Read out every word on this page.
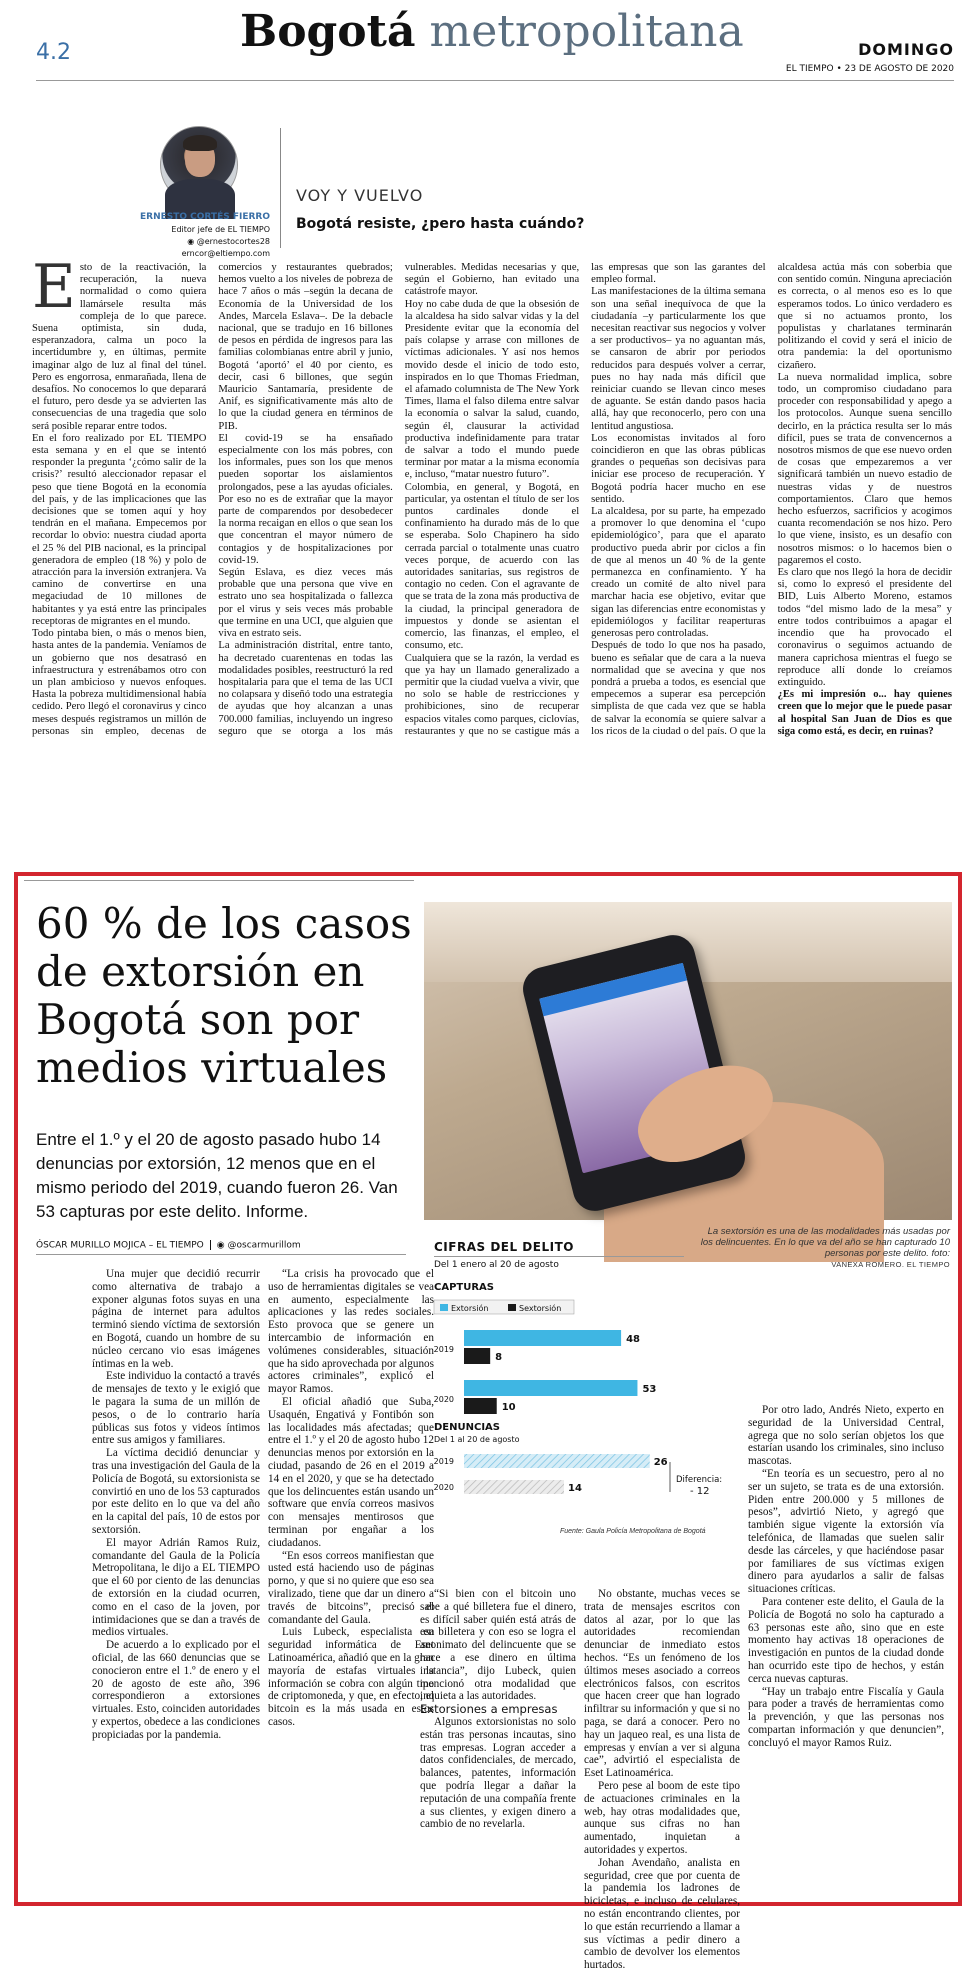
4.2	Bogotá metropolitana	DOMINGO
EL TIEMPO • 23 DE AGOSTO DE 2020
ERNESTO CORTÉS FIERRO
Editor jefe de EL TIEMPO
◉ @ernestocortes28
erncor@eltiempo.com
VOY Y VUELVO
Bogotá resiste, ¿pero hasta cuándo?

Esto de la reactivación, la recuperación, la nueva normalidad o como quiera llamársele resulta más compleja de lo que parece. Suena optimista, sin duda, esperanzadora, calma un poco la incertidumbre y, en últimas, permite imaginar algo de luz al final del túnel. Pero es engorrosa, enmarañada, llena de desafíos. No conocemos lo que deparará el futuro, pero desde ya se advierten las consecuencias de una tragedia que solo será posible reparar entre todos.

En el foro realizado por EL TIEMPO esta semana y en el que se intentó responder la pregunta ‘¿cómo salir de la crisis?’ resultó aleccionador repasar el peso que tiene Bogotá en la economía del país, y de las implicaciones que las decisiones que se tomen aquí y hoy tendrán en el mañana. Empecemos por recordar lo obvio: nuestra ciudad aporta el 25 % del PIB nacional, es la principal generadora de empleo (18 %) y polo de atracción para la inversión extranjera. Va camino de convertirse en una megaciudad de 10 millones de habitantes y ya está entre las principales receptoras de migrantes en el mundo.

Todo pintaba bien, o más o menos bien, hasta antes de la pandemia. Veníamos de un gobierno que nos desatrasó en infraestructura y estrenábamos otro con un plan ambicioso y nuevos enfoques. Hasta la pobreza multidimensional había cedido. Pero llegó el coronavirus y cinco meses después registramos un millón de personas sin empleo, decenas de comercios y restaurantes quebrados; hemos vuelto a los niveles de pobreza de hace 7 años o más –según la decana de Economía de la Universidad de los Andes, Marcela Eslava–. De la debacle nacional, que se tradujo en 16 billones de pesos en pérdida de ingresos para las familias colombianas entre abril y junio, Bogotá ‘aportó’ el 40 por ciento, es decir, casi 6 billones, que según Mauricio Santamaría, presidente de Anif, es significativamente más alto de lo que la ciudad genera en términos de PIB.

El covid-19 se ha ensañado especialmente con los más pobres, con los informales, pues son los que menos pueden soportar los aislamientos prolongados, pese a las ayudas oficiales. Por eso no es de extrañar que la mayor parte de comparendos por desobedecer la norma recaigan en ellos o que sean los que concentran el mayor número de contagios y de hospitalizaciones por covid-19.

Según Eslava, es diez veces más probable que una persona que vive en estrato uno sea hospitalizada o fallezca por el virus y seis veces más probable que termine en una UCI, que alguien que viva en estrato seis.

La administración distrital, entre tanto, ha decretado cuarentenas en todas las modalidades posibles, reestructuró la red hospitalaria para que el tema de las UCI no colapsara y diseñó todo una estrategia de ayudas que hoy alcanzan a unas 700.000 familias, incluyendo un ingreso seguro que se otorga a los más vulnerables. Medidas necesarias y que, según el Gobierno, han evitado una catástrofe mayor.

Hoy no cabe duda de que la obsesión de la alcaldesa ha sido salvar vidas y la del Presidente evitar que la economía del país colapse y arrase con millones de víctimas adicionales. Y así nos hemos movido desde el inicio de todo esto, inspirados en lo que Thomas Friedman, el afamado columnista de The New York Times, llama el falso dilema entre salvar la economía o salvar la salud, cuando, según él, clausurar la actividad productiva indefinidamente para tratar de salvar a todo el mundo puede terminar por matar a la misma economía e, incluso, “matar nuestro futuro”.

Colombia, en general, y Bogotá, en particular, ya ostentan el título de ser los puntos cardinales donde el confinamiento ha durado más de lo que se esperaba. Solo Chapinero ha sido cerrada parcial o totalmente unas cuatro veces porque, de acuerdo con las autoridades sanitarias, sus registros de contagio no ceden. Con el agravante de que se trata de la zona más productiva de la ciudad, la principal generadora de impuestos y donde se asientan el comercio, las finanzas, el empleo, el consumo, etc.

Cualquiera que se la razón, la verdad es que ya hay un llamado generalizado a permitir que la ciudad vuelva a vivir, que no solo se hable de restricciones y prohibiciones, sino de recuperar espacios vitales como parques, ciclovías, restaurantes y que no se castigue más a las empresas que son las garantes del empleo formal.

Las manifestaciones de la última semana son una señal inequívoca de que la ciudadanía –y particularmente los que necesitan reactivar sus negocios y volver a ser productivos– ya no aguantan más, se cansaron de abrir por periodos reducidos para después volver a cerrar, pues no hay nada más difícil que reiniciar cuando se llevan cinco meses de aguante. Se están dando pasos hacia allá, hay que reconocerlo, pero con una lentitud angustiosa.

Los economistas invitados al foro coincidieron en que las obras públicas grandes o pequeñas son decisivas para iniciar ese proceso de recuperación. Y Bogotá podría hacer mucho en ese sentido.

La alcaldesa, por su parte, ha empezado a promover lo que denomina el ‘cupo epidemiológico’, para que el aparato productivo pueda abrir por ciclos a fin de que al menos un 40 % de la gente permanezca en confinamiento. Y ha creado un comité de alto nivel para marchar hacia ese objetivo, evitar que sigan las diferencias entre economistas y epidemiólogos y facilitar reaperturas generosas pero controladas.

Después de todo lo que nos ha pasado, bueno es señalar que de cara a la nueva normalidad que se avecina y que nos pondrá a prueba a todos, es esencial que empecemos a superar esa percepción simplista de que cada vez que se habla de salvar la economía se quiere salvar a los ricos de la ciudad o del país. O que la alcaldesa actúa más con soberbia que con sentido común. Ninguna apreciación es correcta, o al menos eso es lo que esperamos todos. Lo único verdadero es que si no actuamos pronto, los populistas y charlatanes terminarán politizando el covid y será el inicio de otra pandemia: la del oportunismo cizañero.

La nueva normalidad implica, sobre todo, un compromiso ciudadano para proceder con responsabilidad y apego a los protocolos. Aunque suena sencillo decirlo, en la práctica resulta ser lo más difícil, pues se trata de convencernos a nosotros mismos de que ese nuevo orden de cosas que empezaremos a ver significará también un nuevo estadio de nuestras vidas y de nuestros comportamientos. Claro que hemos hecho esfuerzos, sacrificios y acogimos cuanta recomendación se nos hizo. Pero lo que viene, insisto, es un desafío con nosotros mismos: o lo hacemos bien o pagaremos el costo.

Es claro que nos llegó la hora de decidir si, como lo expresó el presidente del BID, Luis Alberto Moreno, estamos todos “del mismo lado de la mesa” y entre todos contribuimos a apagar el incendio que ha provocado el coronavirus o seguimos actuando de manera caprichosa mientras el fuego se reproduce allí donde lo creíamos extinguido.

¿Es mi impresión o... hay quienes creen que lo mejor que le puede pasar al hospital San Juan de Dios es que siga como está, es decir, en ruinas?

60 % de los casos de extorsión en Bogotá son por medios virtuales
Entre el 1.º y el 20 de agosto pasado hubo 14 denuncias por extorsión, 12 menos que en el mismo periodo del 2019, cuando fueron 26. Van 53 capturas por este delito. Informe.
ÓSCAR MURILLO MOJICA – EL TIEMPO ◉ @oscarmurillom
La sextorsión es una de las modalidades más usadas por los delincuentes. En lo que va del año se han capturado 10 personas por este delito. foto:
VANEXA ROMERO. EL TIEMPO
CIFRAS DEL DELITO
Del 1 enero al 20 de agosto
CAPTURAS
Extorsión	Sextorsión
2019
48
8
2020
53
10
DENUNCIAS
Del 1 al 20 de agosto
2019	26
2020	14
Diferencia:
- 12
Fuente: Gaula Policía Metropolitana de Bogotá

Una mujer que decidió recurrir como alternativa de trabajo a exponer algunas fotos suyas en una página de internet para adultos terminó siendo víctima de sextorsión en Bogotá, cuando un hombre de su núcleo cercano vio esas imágenes íntimas en la web.

Este individuo la contactó a través de mensajes de texto y le exigió que le pagara la suma de un millón de pesos, o de lo contrario haría públicas sus fotos y videos íntimos entre sus amigos y familiares.

La víctima decidió denunciar y tras una investigación del Gaula de la Policía de Bogotá, su extorsionista se convirtió en uno de los 53 capturados por este delito en lo que va del año en la capital del país, 10 de estos por sextorsión.

El mayor Adrián Ramos Ruiz, comandante del Gaula de la Policía Metropolitana, le dijo a EL TIEMPO que el 60 por ciento de las denuncias de extorsión en la ciudad ocurren, como en el caso de la joven, por intimidaciones que se dan a través de medios virtuales.

De acuerdo a lo explicado por el oficial, de las 660 denuncias que se conocieron entre el 1.º de enero y el 20 de agosto de este año, 396 correspondieron a extorsiones virtuales. Esto, coinciden autoridades y expertos, obedece a las condiciones propiciadas por la pandemia.

“La crisis ha provocado que el uso de herramientas digitales se vea en aumento, especialmente las aplicaciones y las redes sociales. Esto provoca que se genere un intercambio de información en volúmenes considerables, situación que ha sido aprovechada por algunos actores criminales”, explicó el mayor Ramos.

El oficial añadió que Suba, Usaquén, Engativá y Fontibón son las localidades más afectadas; que entre el 1.º y el 20 de agosto hubo 12 denuncias menos por extorsión en la ciudad, pasando de 26 en el 2019 a 14 en el 2020, y que se ha detectado que los delincuentes están usando un software que envía correos masivos con mensajes mentirosos que terminan por engañar a los ciudadanos.

“En esos correos manifiestan que usted está haciendo uso de páginas porno, y que si no quiere que eso sea viralizado, tiene que dar un dinero a través de bitcoins”, precisó el comandante del Gaula.

Luis Lubeck, especialista en seguridad informática de Eset Latinoamérica, añadió que en la gran mayoría de estafas virtuales la información se cobra con algún tipo de criptomoneda, y que, en efecto, el bitcoin es la más usada en estos casos.

“Si bien con el bitcoin uno sabe a qué billetera fue el dinero, es difícil saber quién está atrás de esa billetera y con eso se logra el anonimato del delincuente que se hace a ese dinero en última instancia”, dijo Lubeck, quien mencionó otra modalidad que inquieta a las autoridades.

Extorsiones a empresas

Algunos extorsionistas no solo están tras personas incautas, sino tras empresas. Logran acceder a datos confidenciales, de mercado, balances, patentes, información que podría llegar a dañar la reputación de una compañía frente a sus clientes, y exigen dinero a cambio de no revelarla.

No obstante, muchas veces se trata de mensajes escritos con datos al azar, por lo que las autoridades recomiendan denunciar de inmediato estos hechos. “Es un fenómeno de los últimos meses asociado a correos electrónicos falsos, con escritos que hacen creer que han logrado infiltrar su información y que si no paga, se dará a conocer. Pero no hay un jaqueo real, es una lista de empresas y envían a ver si alguna cae”, advirtió el especialista de Eset Latinoamérica.

Pero pese al boom de este tipo de actuaciones criminales en la web, hay otras modalidades que, aunque sus cifras no han aumentado, inquietan a autoridades y expertos.

Johan Avendaño, analista en seguridad, cree que por cuenta de la pandemia los ladrones de bicicletas, e incluso de celulares, no están encontrando clientes, por lo que están recurriendo a llamar a sus víctimas a pedir dinero a cambio de devolver los elementos hurtados.

Por otro lado, Andrés Nieto, experto en seguridad de la Universidad Central, agrega que no solo serían objetos los que estarían usando los criminales, sino incluso mascotas.

“En teoría es un secuestro, pero al no ser un sujeto, se trata es de una extorsión. Piden entre 200.000 y 5 millones de pesos”, advirtió Nieto, y agregó que también sigue vigente la extorsión vía telefónica, de llamadas que suelen salir desde las cárceles, y que haciéndose pasar por familiares de sus víctimas exigen dinero para ayudarlos a salir de falsas situaciones críticas.

Para contener este delito, el Gaula de la Policía de Bogotá no solo ha capturado a 63 personas este año, sino que en este momento hay activas 18 operaciones de investigación en puntos de la ciudad donde han ocurrido este tipo de hechos, y están cerca nuevas capturas.

“Hay un trabajo entre Fiscalía y Gaula para poder a través de herramientas como la prevención, y que las personas nos compartan información y que denuncien”, concluyó el mayor Ramos Ruiz.
